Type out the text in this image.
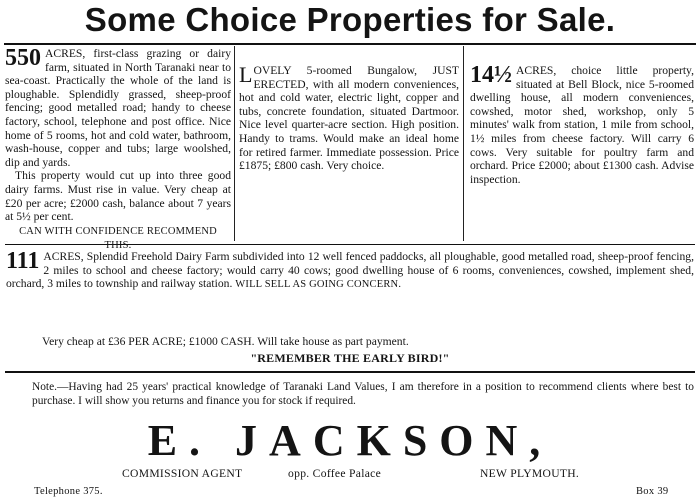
Some Choice Properties for Sale.

550 ACRES, first-class grazing or dairy farm, situated in North Taranaki near to sea-coast. Practically the whole of the land is ploughable. Splendidly grassed, sheep-proof fencing; good metalled road; handy to cheese factory, school, telephone and post office. Nice home of 5 rooms, hot and cold water, bathroom, wash-house, copper and tubs; large woolshed, dip and yards.

This property would cut up into three good dairy farms. Must rise in value. Very cheap at £20 per acre; £2000 cash, balance about 7 years at 5½ per cent.

CAN WITH CONFIDENCE RECOMMEND THIS.

L OVELY 5-roomed Bungalow, JUST ERECTED, with all modern conveniences, hot and cold water, electric light, copper and tubs, concrete foundation, situated Dartmoor. Nice level quarter-acre section. High position. Handy to trams. Would make an ideal home for retired farmer. Immediate possession. Price £1875; £800 cash. Very choice.

14½ ACRES, choice little property, situated at Bell Block, nice 5-roomed dwelling house, all modern conveniences, cowshed, motor shed, workshop, only 5 minutes' walk from station, 1 mile from school, 1½ miles from cheese factory. Will carry 6 cows. Very suitable for poultry farm and orchard. Price £2000; about £1300 cash. Advise inspection.

111 ACRES, Splendid Freehold Dairy Farm subdivided into 12 well fenced paddocks, all ploughable, good metalled road, sheep-proof fencing, 2 miles to school and cheese factory; would carry 40 cows; good dwelling house of 6 rooms, conveniences, cowshed, implement shed, orchard, 3 miles to township and railway station. WILL SELL AS GOING CONCERN.

Very cheap at £36 PER ACRE; £1000 CASH. Will take house as part payment.
"REMEMBER THE EARLY BIRD!"

Note.—Having had 25 years' practical knowledge of Taranaki Land Values, I am therefore in a position to recommend clients where best to purchase. I will show you returns and finance you for stock if required.

E. JACKSON,
COMMISSION AGENT	opp. Coffee Palace	NEW PLYMOUTH.
Telephone 375.	Box 39
